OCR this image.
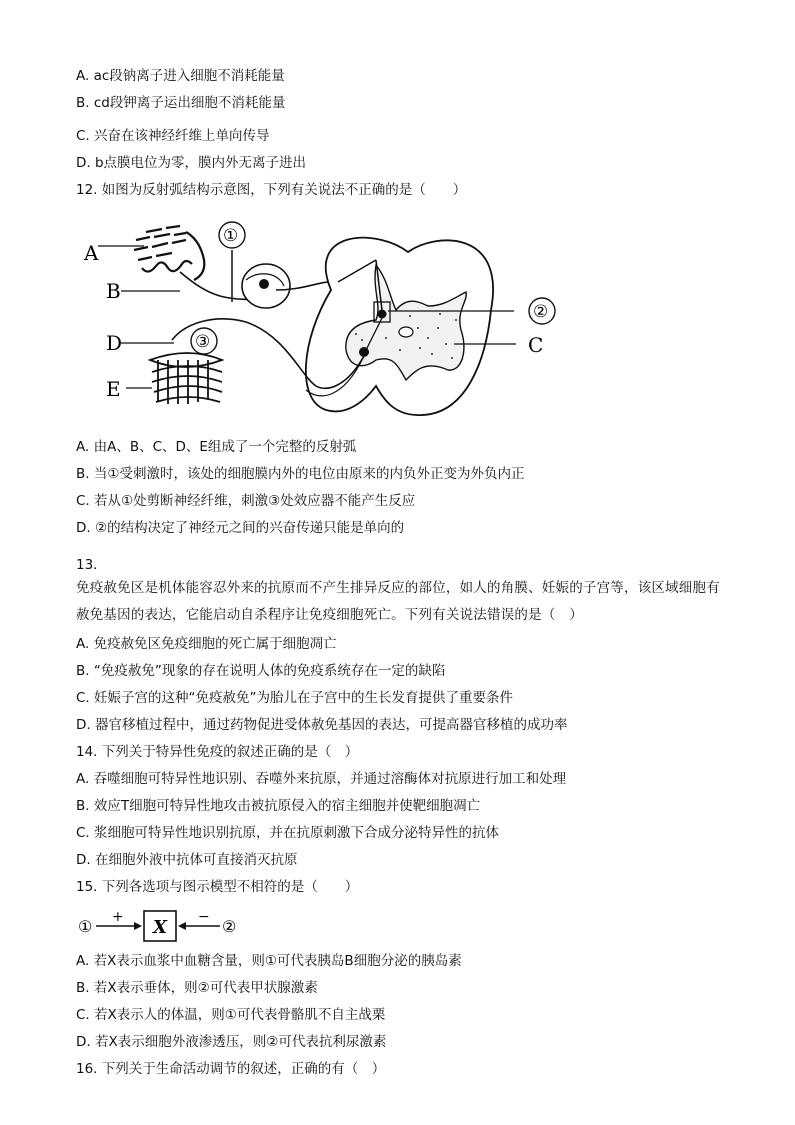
A. ac段钠离子进入细胞不消耗能量
B. cd段钾离子运出细胞不消耗能量
C. 兴奋在该神经纤维上单向传导
D. b点膜电位为零，膜内外无离子进出
12. 如图为反射弧结构示意图，下列有关说法不正确的是（　　）
A
B
D
E
C
①
②
③
A. 由A、B、C、D、E组成了一个完整的反射弧
B. 当①受刺激时，该处的细胞膜内外的电位由原来的内负外正变为外负内正
C. 若从①处剪断神经纤维，刺激③处效应器不能产生反应
D. ②的结构决定了神经元之间的兴奋传递只能是单向的
13.
免疫赦免区是机体能容忍外来的抗原而不产生排异反应的部位，如人的角膜、妊娠的子宫等，该区域细胞有赦免基因的表达，它能启动自杀程序让免疫细胞死亡。下列有关说法错误的是（　）
A. 免疫赦免区免疫细胞的死亡属于细胞凋亡
B. “免疫赦免”现象的存在说明人体的免疫系统存在一定的缺陷
C. 妊娠子宫的这种“免疫赦免”为胎儿在子宫中的生长发育提供了重要条件
D. 器官移植过程中，通过药物促进受体赦免基因的表达，可提高器官移植的成功率
14. 下列关于特异性免疫的叙述正确的是（　）
A. 吞噬细胞可特异性地识别、吞噬外来抗原，并通过溶酶体对抗原进行加工和处理
B. 效应T细胞可特异性地攻击被抗原侵入的宿主细胞并使靶细胞凋亡
C. 浆细胞可特异性地识别抗原，并在抗原刺激下合成分泌特异性的抗体
D. 在细胞外液中抗体可直接消灭抗原
15. 下列各选项与图示模型不相符的是（　　）
① + X − ②
A. 若X表示血浆中血糖含量，则①可代表胰岛B细胞分泌的胰岛素
B. 若X表示垂体，则②可代表甲状腺激素
C. 若X表示人的体温，则①可代表骨骼肌不自主战栗
D. 若X表示细胞外液渗透压，则②可代表抗利尿激素
16. 下列关于生命活动调节的叙述，正确的有（　）
